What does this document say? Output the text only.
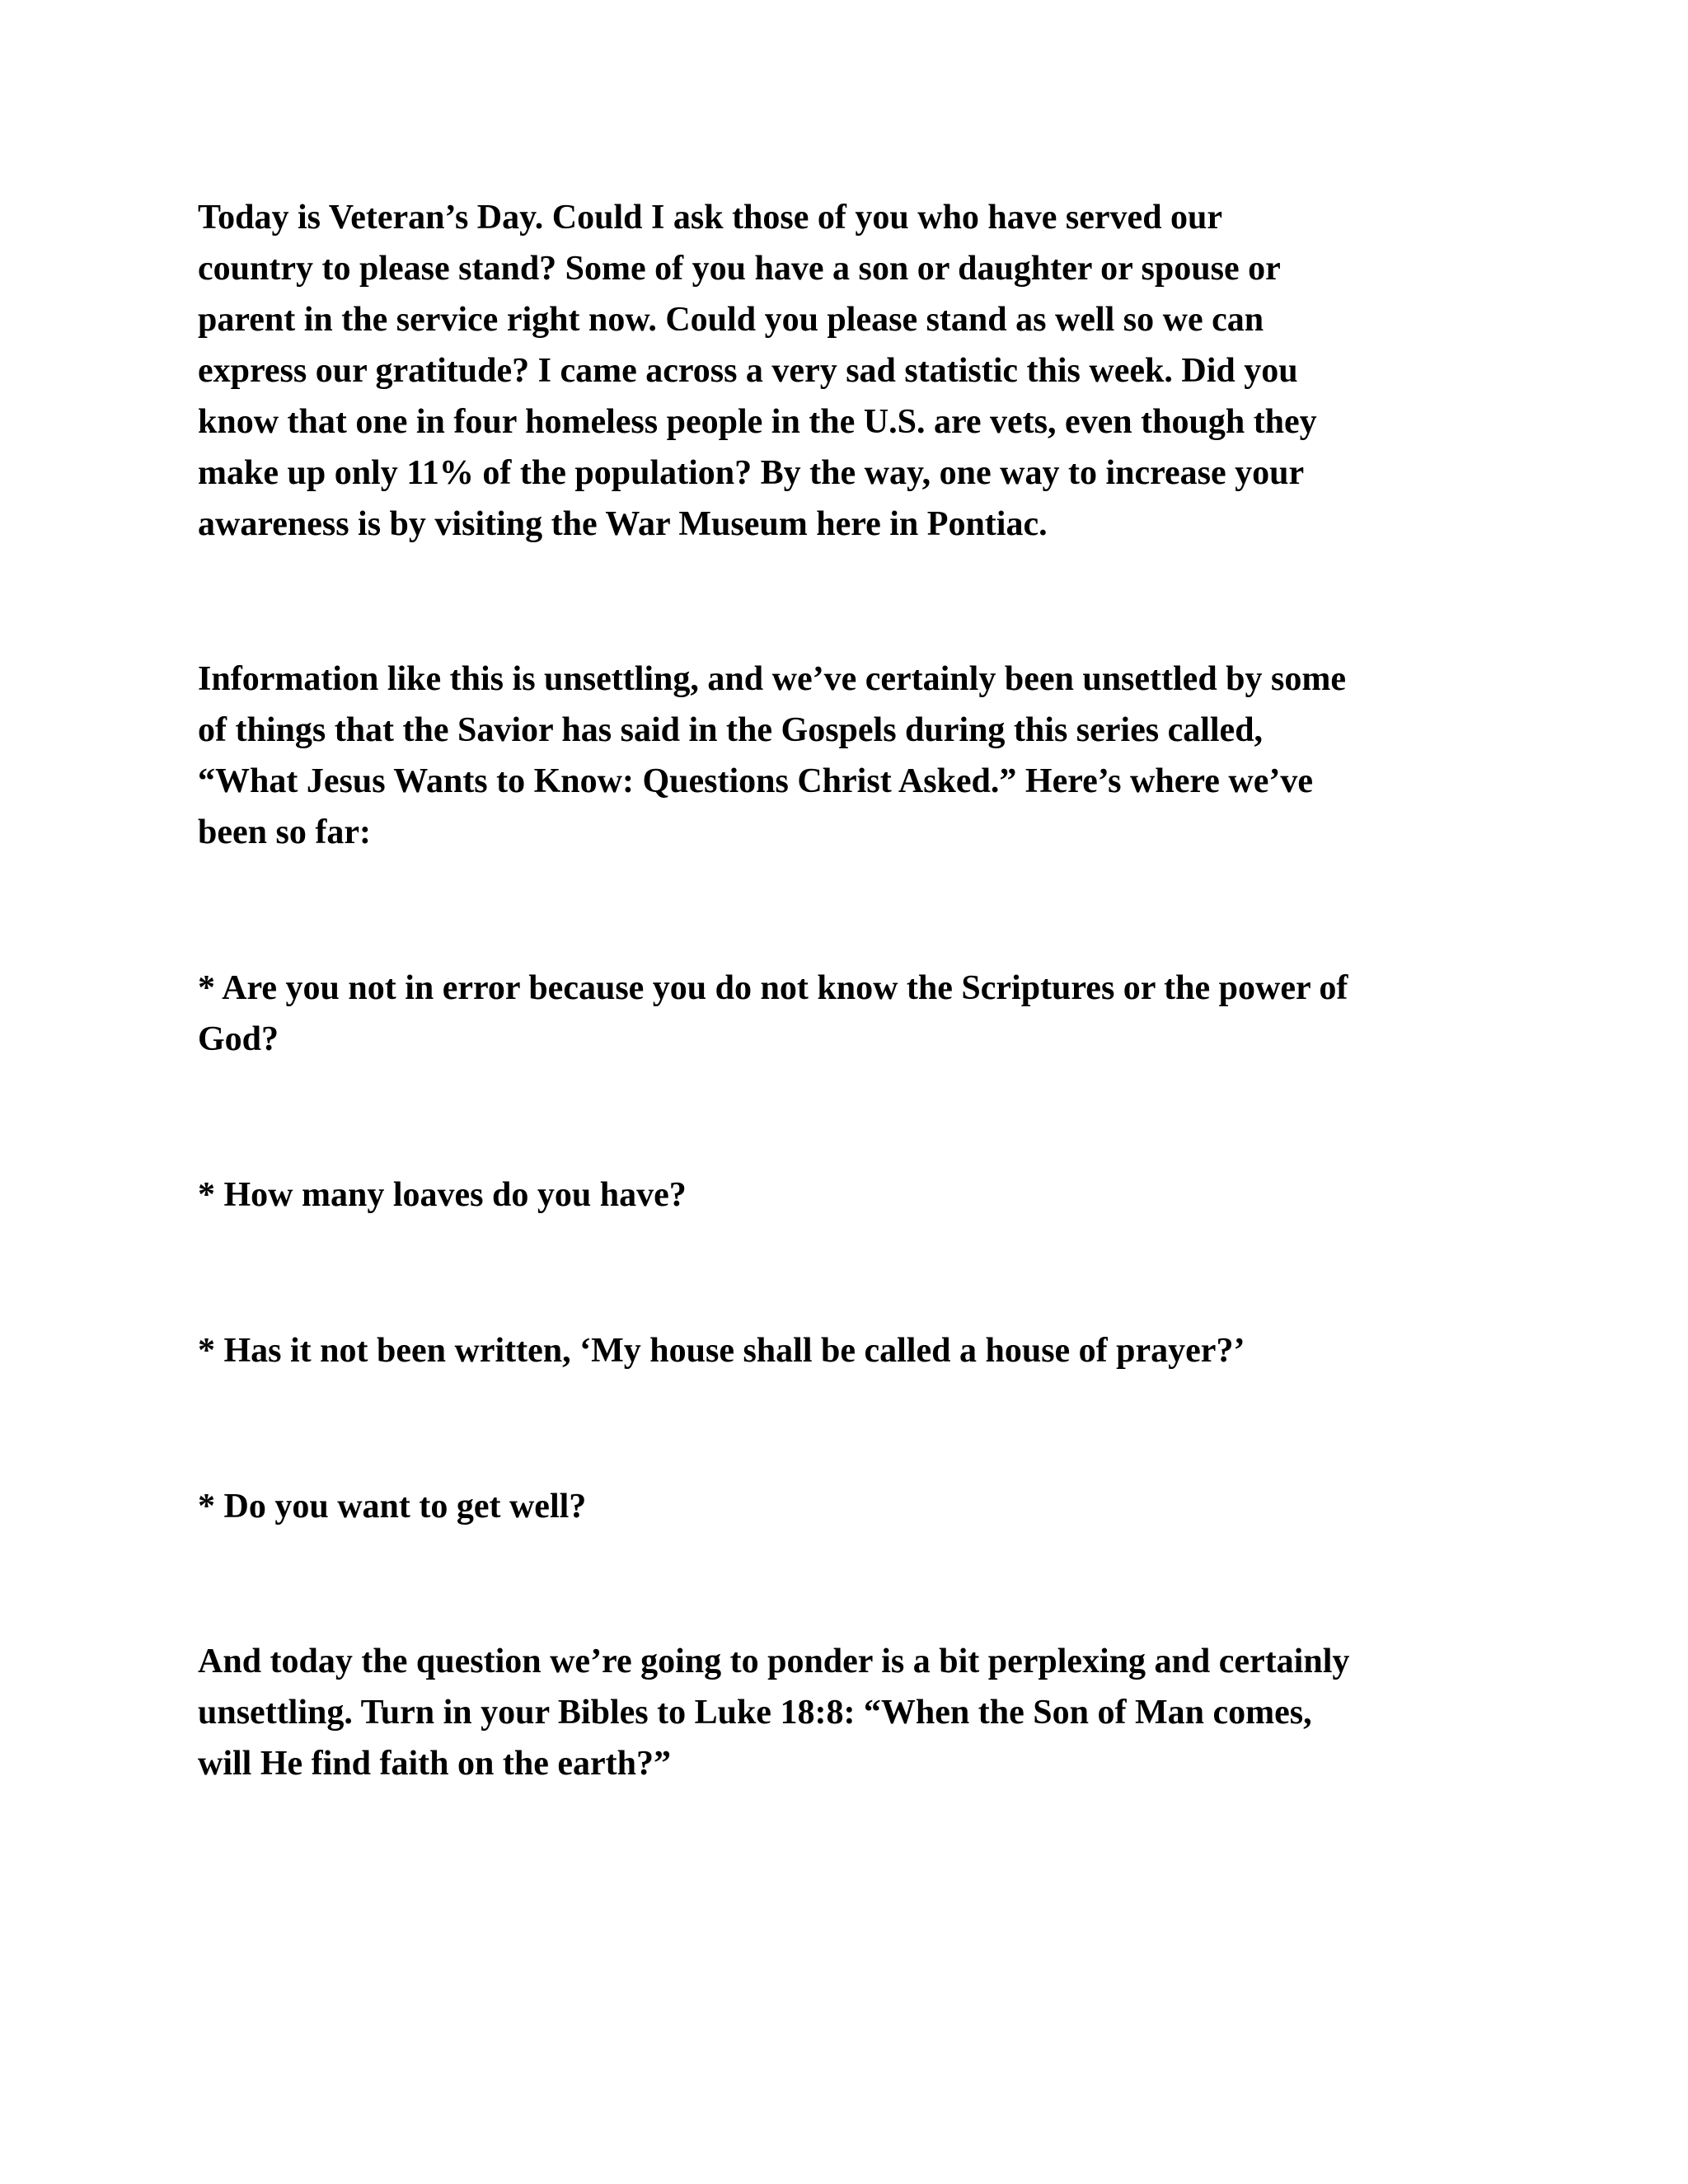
Today is Veteran’s Day. Could I ask those of you who have served our
country to please stand? Some of you have a son or daughter or spouse or
parent in the service right now. Could you please stand as well so we can
express our gratitude? I came across a very sad statistic this week. Did you
know that one in four homeless people in the U.S. are vets, even though they
make up only 11% of the population? By the way, one way to increase your
awareness is by visiting the War Museum here in Pontiac.

Information like this is unsettling, and we’ve certainly been unsettled by some
of things that the Savior has said in the Gospels during this series called,
“What Jesus Wants to Know: Questions Christ Asked.” Here’s where we’ve
been so far:

* Are you not in error because you do not know the Scriptures or the power of
God?

* How many loaves do you have?

* Has it not been written, ‘My house shall be called a house of prayer?’

* Do you want to get well?

And today the question we’re going to ponder is a bit perplexing and certainly
unsettling. Turn in your Bibles to Luke 18:8: “When the Son of Man comes,
will He find faith on the earth?”
